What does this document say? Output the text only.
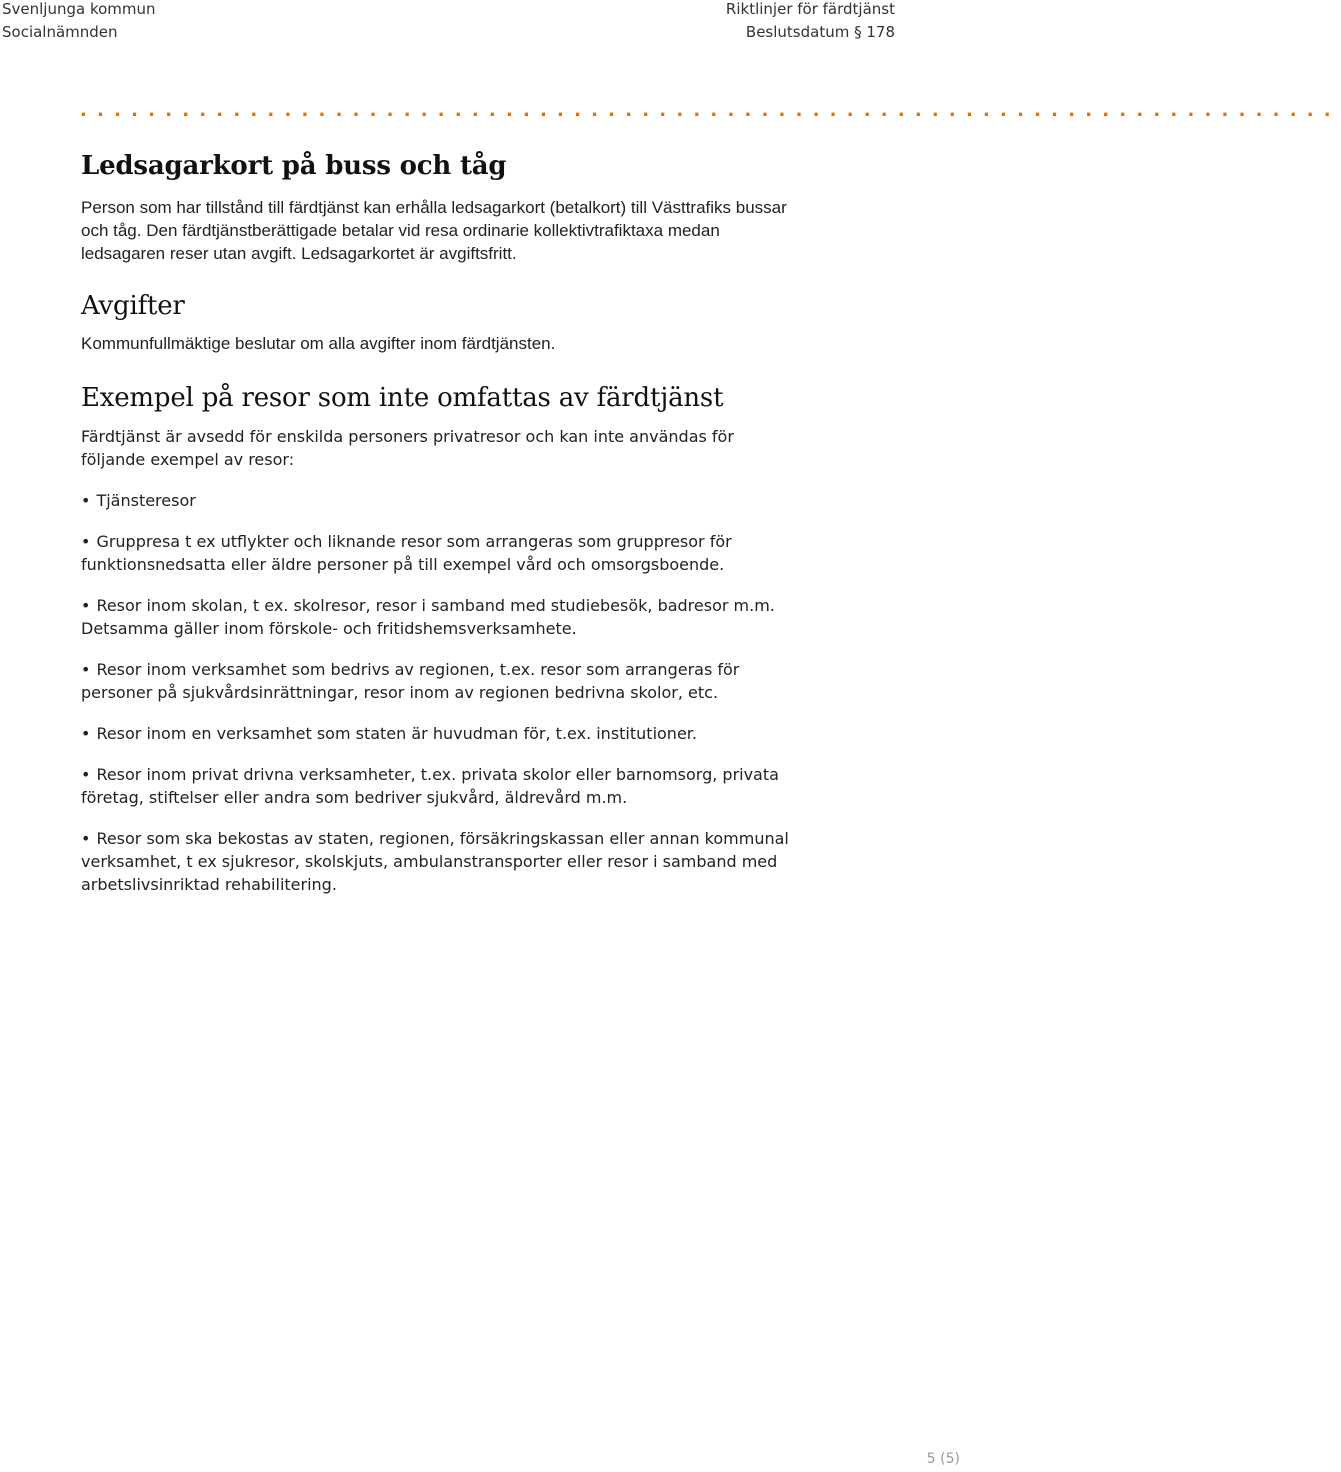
Svenljunga kommun
Socialnämnden
Riktlinjer för färdtjänst
Beslutsdatum § 178
..........................................................................
Ledsagarkort på buss och tåg

Person som har tillstånd till färdtjänst kan erhålla ledsagarkort (betalkort) till Västtrafiks bussar och tåg. Den färdtjänstberättigade betalar vid resa ordinarie kollektivtrafiktaxa medan ledsagaren reser utan avgift. Ledsagarkortet är avgiftsfritt.

Avgifter

Kommunfullmäktige beslutar om alla avgifter inom färdtjänsten.

Exempel på resor som inte omfattas av färdtjänst

Färdtjänst är avsedd för enskilda personers privatresor och kan inte användas för följande exempel av resor:

• Tjänsteresor
• Gruppresa t ex utflykter och liknande resor som arrangeras som gruppresor för funktionsnedsatta eller äldre personer på till exempel vård och omsorgsboende.
• Resor inom skolan, t ex. skolresor, resor i samband med studiebesök, badresor m.m. Detsamma gäller inom förskole- och fritidshemsverksamhete.
• Resor inom verksamhet som bedrivs av regionen, t.ex. resor som arrangeras för personer på sjukvårdsinrättningar, resor inom av regionen bedrivna skolor, etc.
• Resor inom en verksamhet som staten är huvudman för, t.ex. institutioner.
• Resor inom privat drivna verksamheter, t.ex. privata skolor eller barnomsorg, privata företag, stiftelser eller andra som bedriver sjukvård, äldrevård m.m.
• Resor som ska bekostas av staten, regionen, försäkringskassan eller annan kommunal verksamhet, t ex sjukresor, skolskjuts, ambulanstransporter eller resor i samband med arbetslivsinriktad rehabilitering.
5 (5)
